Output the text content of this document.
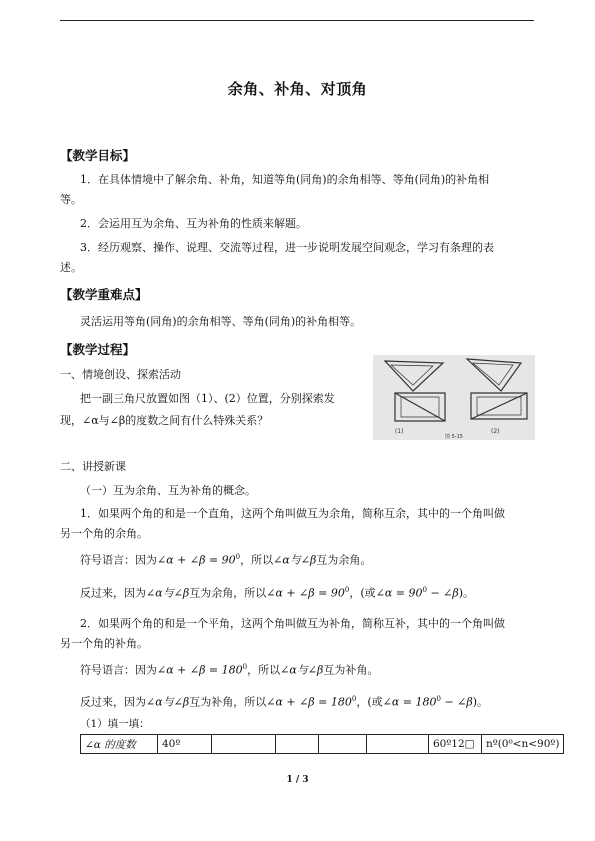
余角、补角、对顶角
【教学目标】
1．在具体情境中了解余角、补角，知道等角(同角)的余角相等、等角(同角)的补角相
等。
2．会运用互为余角、互为补角的性质来解题。
3．经历观察、操作、说理、交流等过程，进一步说明发展空间观念，学习有条理的表
述。
【教学重难点】
灵活运用等角(同角)的余角相等、等角(同角)的补角相等。
【教学过程】
一、情境创设、探索活动
把一副三角尺放置如图（1）、(2）位置，分别探索发
现，∠α与∠β的度数之间有什么特殊关系？
(1)	(2)
图 5-15
二、讲授新课
（一）互为余角、互为补角的概念。
1．如果两个角的和是一个直角，这两个角叫做互为余角，简称互余，其中的一个角叫做
另一个角的余角。
符号语言：因为∠α + ∠β = $90^0$，所以∠α与∠β互为余角。
反过来，因为∠α与∠β互为余角，所以∠α + ∠β = $90^0$，(或∠α = $90^0$ − ∠β)。
2．如果两个角的和是一个平角，这两个角叫做互为补角，简称互补，其中的一个角叫做
另一个角的补角。
符号语言：因为∠α + ∠β = $180^0$，所以∠α与∠β互为补角。
反过来，因为∠α与∠β互为补角，所以∠α + ∠β = $180^0$，(或∠α = $180^0$ − ∠β)。
（1）填一填：
∠α 的度数	40º					60º12□	nº(0⁰<n<90º)
1 / 3
